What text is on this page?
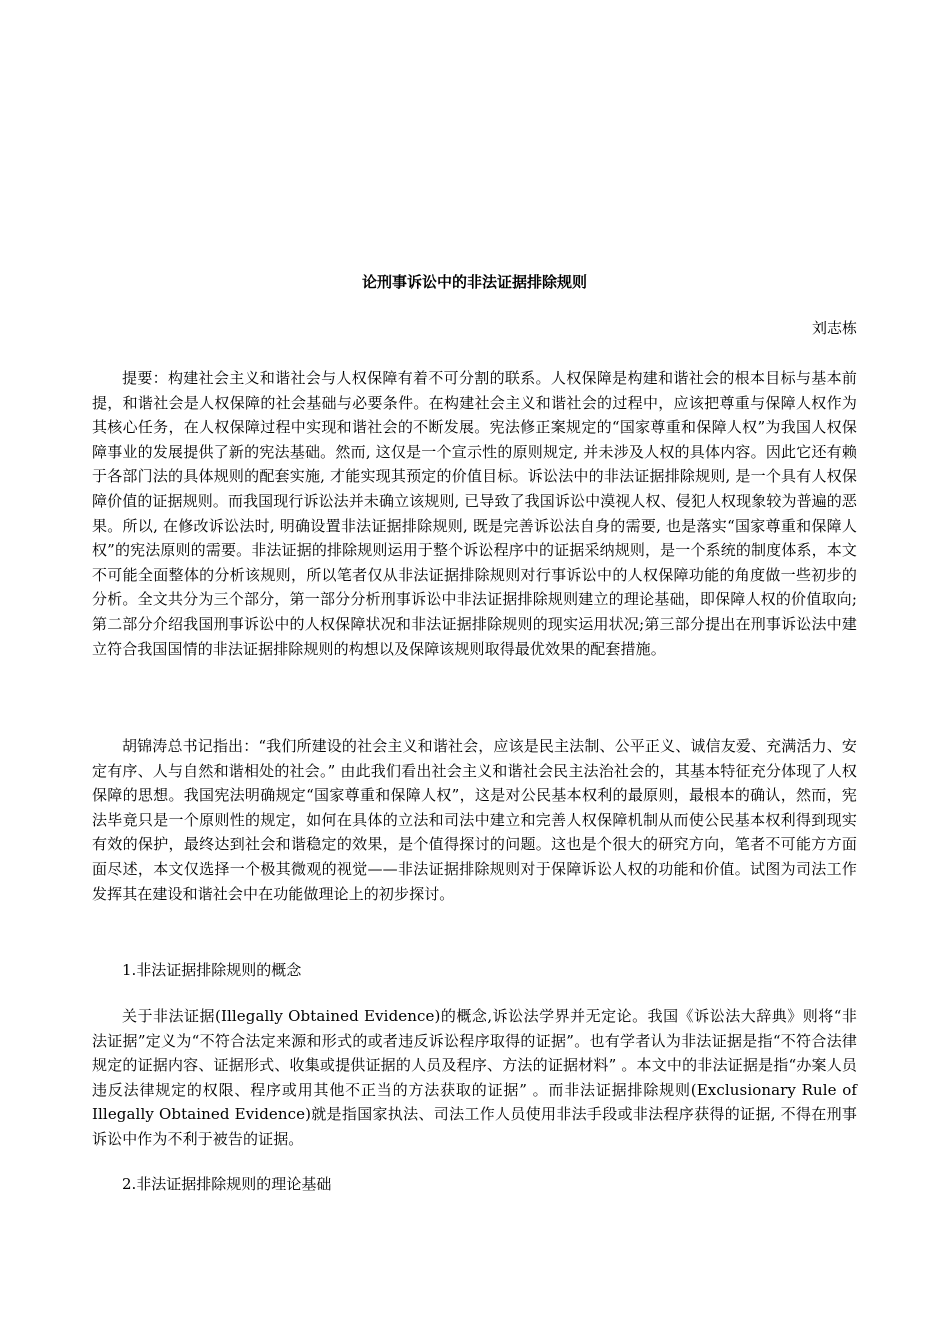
论刑事诉讼中的非法证据排除规则

刘志栋

提要：构建社会主义和谐社会与人权保障有着不可分割的联系。人权保障是构建和谐社会的根本目标与基本前提，和谐社会是人权保障的社会基础与必要条件。在构建社会主义和谐社会的过程中，应该把尊重与保障人权作为其核心任务，在人权保障过程中实现和谐社会的不断发展。宪法修正案规定的“国家尊重和保障人权”为我国人权保障事业的发展提供了新的宪法基础。然而, 这仅是一个宣示性的原则规定, 并未涉及人权的具体内容。因此它还有赖于各部门法的具体规则的配套实施, 才能实现其预定的价值目标。诉讼法中的非法证据排除规则, 是一个具有人权保障价值的证据规则。而我国现行诉讼法并未确立该规则, 已导致了我国诉讼中漠视人权、侵犯人权现象较为普遍的恶果。所以, 在修改诉讼法时, 明确设置非法证据排除规则, 既是完善诉讼法自身的需要, 也是落实“国家尊重和保障人权”的宪法原则的需要。非法证据的排除规则运用于整个诉讼程序中的证据采纳规则，是一个系统的制度体系，本文不可能全面整体的分析该规则，所以笔者仅从非法证据排除规则对行事诉讼中的人权保障功能的角度做一些初步的分析。全文共分为三个部分，第一部分分析刑事诉讼中非法证据排除规则建立的理论基础，即保障人权的价值取向;第二部分介绍我国刑事诉讼中的人权保障状况和非法证据排除规则的现实运用状况;第三部分提出在刑事诉讼法中建立符合我国国情的非法证据排除规则的构想以及保障该规则取得最优效果的配套措施。

胡锦涛总书记指出：“我们所建设的社会主义和谐社会，应该是民主法制、公平正义、诚信友爱、充满活力、安定有序、人与自然和谐相处的社会。” 由此我们看出社会主义和谐社会民主法治社会的，其基本特征充分体现了人权保障的思想。我国宪法明确规定“国家尊重和保障人权”，这是对公民基本权利的最原则，最根本的确认，然而，宪法毕竟只是一个原则性的规定，如何在具体的立法和司法中建立和完善人权保障机制从而使公民基本权利得到现实有效的保护，最终达到社会和谐稳定的效果，是个值得探讨的问题。这也是个很大的研究方向，笔者不可能方方面面尽述，本文仅选择一个极其微观的视觉——非法证据排除规则对于保障诉讼人权的功能和价值。试图为司法工作发挥其在建设和谐社会中在功能做理论上的初步探讨。

1.非法证据排除规则的概念

关于非法证据(Illegally Obtained Evidence)的概念,诉讼法学界并无定论。我国《诉讼法大辞典》则将“非法证据”定义为“不符合法定来源和形式的或者违反诉讼程序取得的证据”。也有学者认为非法证据是指“不符合法律规定的证据内容、证据形式、收集或提供证据的人员及程序、方法的证据材料” 。本文中的非法证据是指“办案人员违反法律规定的权限、程序或用其他不正当的方法获取的证据” 。而非法证据排除规则(Exclusionary Rule of Illegally Obtained Evidence)就是指国家执法、司法工作人员使用非法手段或非法程序获得的证据, 不得在刑事诉讼中作为不利于被告的证据。

2.非法证据排除规则的理论基础
